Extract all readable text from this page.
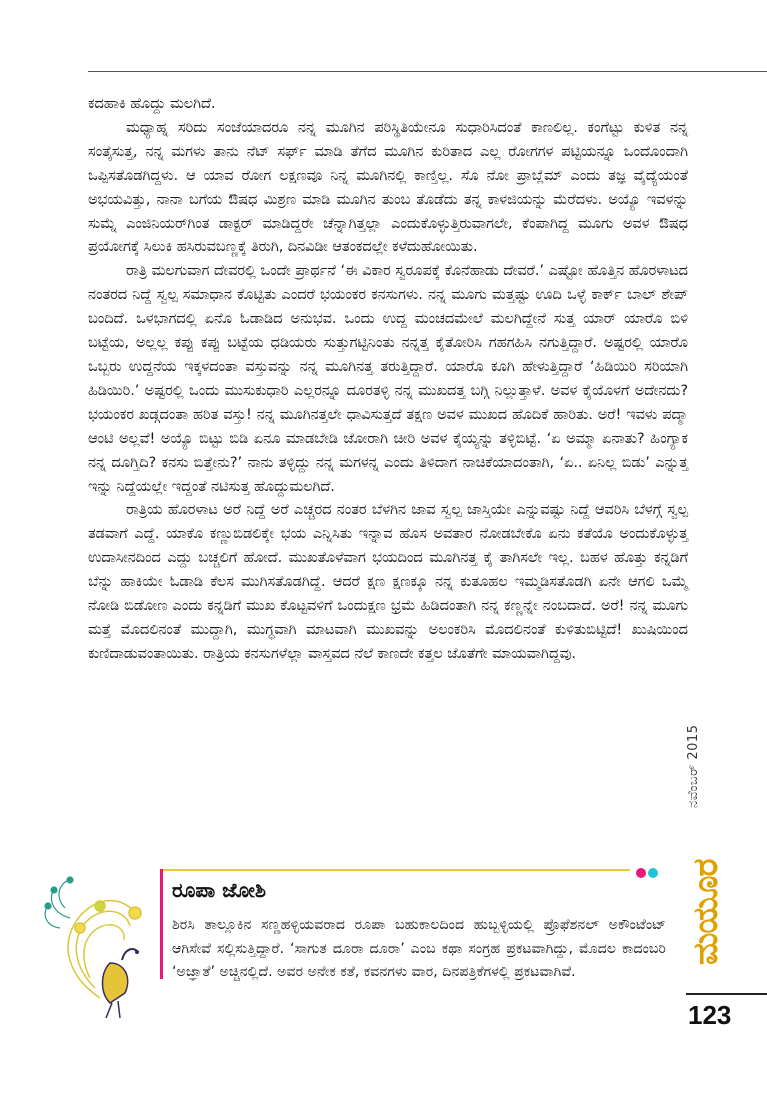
ಕದಹಾಕಿ ಹೊದ್ದು ಮಲಗಿದೆ.

ಮಧ್ಯಾಹ್ನ ಸರಿದು ಸಂಜೆಯಾದರೂ ನನ್ನ ಮೂಗಿನ ಪರಿಸ್ಥಿತಿಯೇನೂ ಸುಧಾರಿಸಿದಂತೆ ಕಾಣಲಿಲ್ಲ. ಕಂಗೆಟ್ಟು ಕುಳಿತ ನನ್ನ ಸಂತೈಸುತ್ತ, ನನ್ನ ಮಗಳು ತಾನು ನೆಟ್ ಸರ್ಫ್ ಮಾಡಿ ತೆಗೆದ ಮೂಗಿನ ಕುರಿತಾದ ಎಲ್ಲ ರೋಗಗಳ ಪಟ್ಟಿಯನ್ನೂ ಒಂದೊಂದಾಗಿ ಒಪ್ಪಿಸತೊಡಗಿದ್ದಳು. ಆ ಯಾವ ರೋಗ ಲಕ್ಷಣವೂ ನಿನ್ನ ಮೂಗಿನಲ್ಲಿ ಕಾಣ್ತಿಲ್ಲ. ಸೊ ನೋ ಪ್ರಾಬ್ಲೆಮ್ ಎಂದು ತಜ್ಞ ವೈದ್ಯೆಯಂತೆ ಅಭಯವಿತ್ತು, ನಾನಾ ಬಗೆಯ ಔಷಧ ಮಿಶ್ರಣ ಮಾಡಿ ಮೂಗಿನ ತುಂಬ ತೊಡೆದು ತನ್ನ ಕಾಳಜಿಯನ್ನು ಮೆರೆದಳು. ಅಯ್ಯೊ ಇವಳನ್ನು ಸುಮ್ನೆ ಎಂಜಿನಿಯರ್‌ಗಿಂತ ಡಾಕ್ಟರ್ ಮಾಡಿದ್ದರೇ ಚೆನ್ನಾಗಿತ್ತಲ್ಲಾ ಎಂದುಕೊಳ್ಳುತ್ತಿರುವಾಗಲೇ, ಕೆಂಪಾಗಿದ್ದ ಮೂಗು ಅವಳ ಔಷಧ ಪ್ರಯೋಗಕ್ಕೆ ಸಿಲುಕಿ ಹಸಿರುವಬಣ್ಣಕ್ಕೆ ತಿರುಗಿ, ದಿನವಿಡೀ ಆತಂಕದಲ್ಲೇ ಕಳೆದುಹೋಯಿತು.

ರಾತ್ರಿ ಮಲಗುವಾಗ ದೇವರಲ್ಲಿ ಒಂದೇ ಪ್ರಾರ್ಥನೆ ‘ಈ ವಿಕಾರ ಸ್ವರೂಪಕ್ಕೆ ಕೊನೆಹಾಡು ದೇವರೆ.’ ಎಷ್ಟೋ ಹೊತ್ತಿನ ಹೊರಳಾಟದ ನಂತರದ ನಿದ್ದೆ ಸ್ವಲ್ಪ ಸಮಾಧಾನ ಕೊಟ್ಟಿತು ಎಂದರೆ ಭಯಂಕರ ಕನಸುಗಳು. ನನ್ನ ಮೂಗು ಮತ್ತಷ್ಟು ಊದಿ ಒಳ್ಳೆ ಕಾರ್ಕ್ ಬಾಲ್ ಶೇಪ್ ಬಂದಿದೆ. ಒಳಭಾಗದಲ್ಲಿ ಏನೊ ಓಡಾಡಿದ ಅನುಭವ. ಒಂದು ಉದ್ದ ಮಂಚದಮೇಲೆ ಮಲಗಿದ್ದೇನೆ ಸುತ್ತ ಯಾರ್ ಯಾರೊ ಬಿಳಿ ಬಟ್ಟೆಯ, ಅಲ್ಲಲ್ಲ ಕಪ್ಪು ಕಪ್ಪು ಬಟ್ಟೆಯ ಧಡಿಯರು ಸುತ್ತುಗಟ್ಟಿನಿಂತು ನನ್ನತ್ತ ಕೈತೋರಿಸಿ ಗಹಗಹಿಸಿ ನಗುತ್ತಿದ್ದಾರೆ. ಅಷ್ಟರಲ್ಲಿ ಯಾರೊ ಒಬ್ಬರು ಉದ್ದನೆಯ ಇಕ್ಕಳದಂತಾ ವಸ್ತುವನ್ನು ನನ್ನ ಮೂಗಿನತ್ತ ತರುತ್ತಿದ್ದಾರೆ. ಯಾರೊ ಕೂಗಿ ಹೇಳುತ್ತಿದ್ದಾರೆ ‘ಹಿಡಿಯಿರಿ ಸರಿಯಾಗಿ ಹಿಡಿಯಿರಿ.’ ಅಷ್ಟರಲ್ಲಿ ಒಂದು ಮುಸುಕುಧಾರಿ ಎಲ್ಲರನ್ನೂ ದೂರತಳ್ಳಿ ನನ್ನ ಮುಖದತ್ತ ಬಗ್ಗಿ ನಿಲ್ಲುತ್ತಾಳೆ. ಅವಳ ಕೈಯೊಳಗೆ ಅದೇನದು? ಭಯಂಕರ ಖಡ್ಗದಂತಾ ಹರಿತ ವಸ್ತು! ನನ್ನ ಮೂಗಿನತ್ತಲೇ ಧಾವಿಸುತ್ತದೆ ತಕ್ಷಣ ಅವಳ ಮುಖದ ಹೊದಿಕೆ ಹಾರಿತು. ಅರೆ! ಇವಳು ಪದ್ಮಾ ಆಂಟಿ ಅಲ್ಲವೆ! ಅಯ್ಯೊ ಬಿಟ್ಟು ಬಿಡಿ ಏನೂ ಮಾಡಬೇಡಿ ಜೋರಾಗಿ ಚೀರಿ ಅವಳ ಕೈಯ್ಯನ್ನು ತಳ್ಳಿಬಿಟ್ಟೆ. ‘ಏ ಅಮ್ಮಾ ಏನಾತು? ಹಿಂಗ್ಯಾಕ ನನ್ನ ದೂಗ್ತಿದಿ? ಕನಸು ಬಿತ್ತೇನು?’ ನಾನು ತಳ್ಳಿದ್ದು ನನ್ನ ಮಗಳನ್ನ ಎಂದು ತಿಳಿದಾಗ ನಾಚಿಕೆಯಾದಂತಾಗಿ, ‘ಏ.. ಏನಿಲ್ಲ ಬಿಡು’ ಎನ್ನುತ್ತ ಇನ್ನು ನಿದ್ದೆಯಲ್ಲೇ ಇದ್ದಂತೆ ನಟಿಸುತ್ತ ಹೊದ್ದುಮಲಗಿದೆ.

ರಾತ್ರಿಯ ಹೊರಳಾಟ ಅರೆ ನಿದ್ದೆ ಅರೆ ಎಚ್ಚರದ ನಂತರ ಬೆಳಗಿನ ಜಾವ ಸ್ವಲ್ಪ ಜಾಸ್ತಿಯೇ ಎನ್ನುವಷ್ಟು ನಿದ್ದೆ ಆವರಿಸಿ ಬೆಳಗ್ಗೆ ಸ್ವಲ್ಪ ತಡವಾಗೆ ಎದ್ದೆ. ಯಾಕೊ ಕಣ್ಣುಬಿಡಲಿಕ್ಕೇ ಭಯ ಎನ್ನಿಸಿತು ಇನ್ನಾವ ಹೊಸ ಅವತಾರ ನೋಡಬೇಕೊ ಏನು ಕತೆಯೊ ಅಂದುಕೊಳ್ಳುತ್ತ ಉದಾಸೀನದಿಂದ ಎದ್ದು ಬಚ್ಚಲಿಗೆ ಹೋದೆ. ಮುಖತೊಳೆವಾಗ ಭಯದಿಂದ ಮೂಗಿನತ್ತ ಕೈ ತಾಗಿಸಲೇ ಇಲ್ಲ. ಬಹಳ ಹೊತ್ತು ಕನ್ನಡಿಗೆ ಬೆನ್ನು ಹಾಕಿಯೇ ಓಡಾಡಿ ಕೆಲಸ ಮುಗಿಸತೊಡಗಿದ್ದೆ. ಆದರೆ ಕ್ಷಣ ಕ್ಷಣಕ್ಕೂ ನನ್ನ ಕುತೂಹಲ ಇಮ್ಮಡಿಸತೊಡಗಿ ಏನೇ ಆಗಲಿ ಒಮ್ಮೆ ನೋಡಿ ಬಿಡೋಣ ಎಂದು ಕನ್ನಡಿಗೆ ಮುಖ ಕೊಟ್ಟವಳಿಗೆ ಒಂದುಕ್ಷಣ ಭ್ರಮೆ ಹಿಡಿದಂತಾಗಿ ನನ್ನ ಕಣ್ಣನ್ನೇ ನಂಬದಾದೆ. ಅರೆ! ನನ್ನ ಮೂಗು ಮತ್ತೆ ಮೊದಲಿನಂತೆ ಮುದ್ದಾಗಿ, ಮುಗ್ಧವಾಗಿ ಮಾಟವಾಗಿ ಮುಖವನ್ನು ಅಲಂಕರಿಸಿ ಮೊದಲಿನಂತೆ ಕುಳಿತುಬಿಟ್ಟಿದೆ! ಖುಷಿಯಿಂದ ಕುಣಿದಾಡುವಂತಾಯಿತು. ರಾತ್ರಿಯ ಕನಸುಗಳೆಲ್ಲಾ ವಾಸ್ತವದ ನೆಲೆ ಕಾಣದೇ ಕತ್ತಲ ಜೊತೆಗೇ ಮಾಯವಾಗಿದ್ದವು.

ನವೆಂಬರ್ 2015
ಮಯೂರ
ರೂಪಾ ಜೋಶಿ
ಶಿರಸಿ ತಾಲ್ಲೂಕಿನ ಸಣ್ಣಹಳ್ಳಿಯವರಾದ ರೂಪಾ ಬಹುಕಾಲದಿಂದ ಹುಬ್ಬಳ್ಳಿಯಲ್ಲಿ ಪ್ರೊಫೆಶನಲ್ ಅಕೌಂಟೆಂಟ್ ಆಗಿಸೇವೆ ಸಲ್ಲಿಸುತ್ತಿದ್ದಾರೆ. ‘ಸಾಗುತ ದೂರಾ ದೂರಾ’ ಎಂಬ ಕಥಾ ಸಂಗ್ರಹ ಪ್ರಕಟವಾಗಿದ್ದು, ಮೊದಲ ಕಾದಂಬರಿ ‘ಅಜ್ಞಾತೆ’ ಅಚ್ಚಿನಲ್ಲಿದೆ. ಅವರ ಅನೇಕ ಕತೆ, ಕವನಗಳು ವಾರ, ದಿನಪತ್ರಿಕೆಗಳಲ್ಲಿ ಪ್ರಕಟವಾಗಿವೆ.
123
